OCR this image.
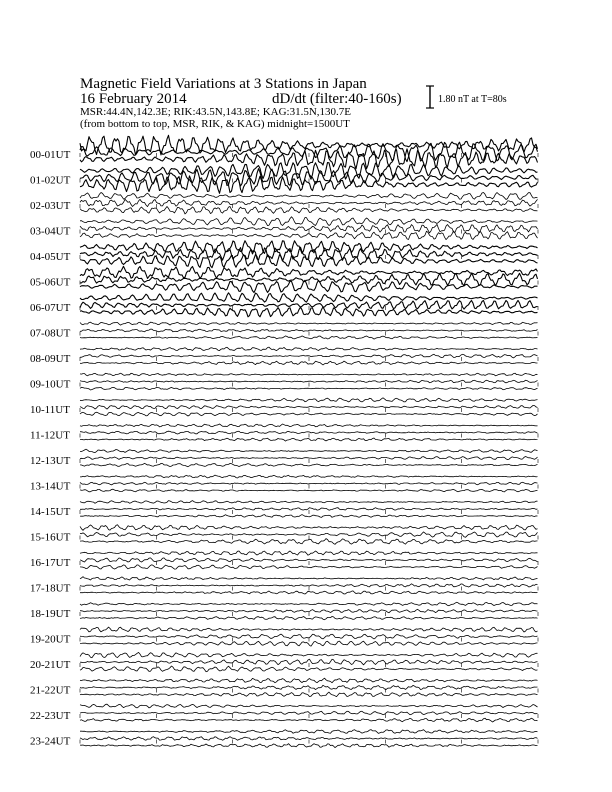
Magnetic Field Variations at 3 Stations in Japan
16 February 2014	dD/dt (filter:40-160s)
MSR:44.4N,142.3E; RIK:43.5N,143.8E; KAG:31.5N,130.7E
(from bottom to top, MSR, RIK, & KAG) midnight=1500UT
1.80 nT at T=80s
00-01UT
01-02UT
02-03UT
03-04UT
04-05UT
05-06UT
06-07UT
07-08UT
08-09UT
09-10UT
10-11UT
11-12UT
12-13UT
13-14UT
14-15UT
15-16UT
16-17UT
17-18UT
18-19UT
19-20UT
20-21UT
21-22UT
22-23UT
23-24UT
